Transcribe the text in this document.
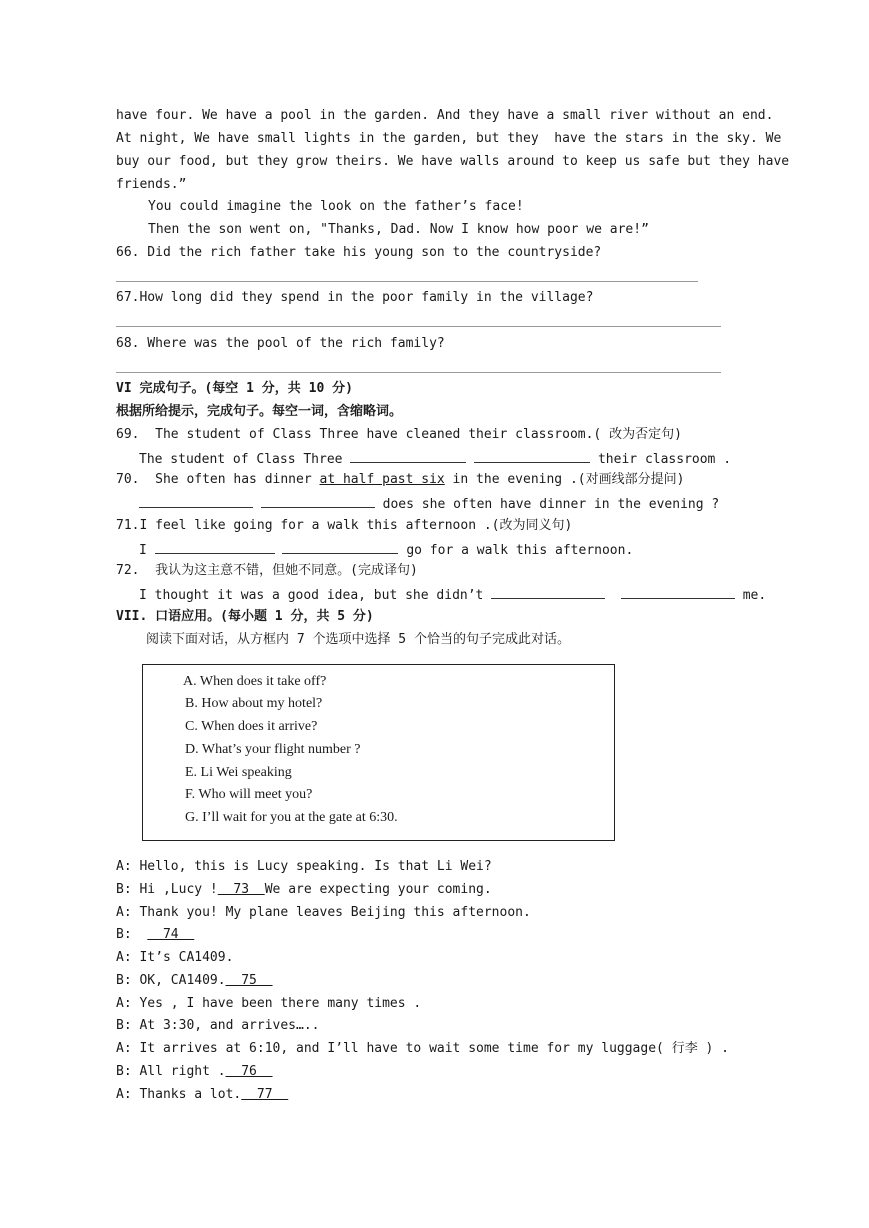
have four. We have a pool in the garden. And they have a small river without an end.
At night, We have small lights in the garden, but they  have the stars in the sky. We
buy our food, but they grow theirs. We have walls around to keep us safe but they have
friends.”
You could imagine the look on the father’s face!
Then the son went on, "Thanks, Dad. Now I know how poor we are!”
66. Did the rich father take his young son to the countryside?
67.How long did they spend in the poor family in the village?
68. Where was the pool of the rich family?
VI 完成句子。(每空 1 分，共 10 分)
根据所给提示，完成句子。每空一词，含缩略词。
69.  The student of Class Three have cleaned their classroom.( 改为否定句)
The student of Class Three	their classroom .
70.  She often has dinner at half past six in the evening .(对画线部分提问)
does she often have dinner in the evening ?
71.I feel like going for a walk this afternoon .(改为同义句)
I	go for a walk this afternoon.
72.  我认为这主意不错，但她不同意。(完成译句)
I thought it was a good idea, but she didn’t	me.
VII. 口语应用。(每小题 1 分，共 5 分)
阅读下面对话，从方框内 7 个选项中选择 5 个恰当的句子完成此对话。
A. When does it take off?
B. How about my hotel?
C. When does it arrive?
D. What’s your flight number ?
E. Li Wei speaking
F. Who will meet you?
G. I’ll wait for you at the gate at 6:30.
A: Hello, this is Lucy speaking. Is that Li Wei?
B: Hi ,Lucy !  73  We are expecting your coming.
A: Thank you! My plane leaves Beijing this afternoon.
B:    74
A: It’s CA1409.
B: OK, CA1409.  75
A: Yes , I have been there many times .
B: At 3:30, and arrives…..
A: It arrives at 6:10, and I’ll have to wait some time for my luggage( 行李 ) .
B: All right .  76
A: Thanks a lot.  77
